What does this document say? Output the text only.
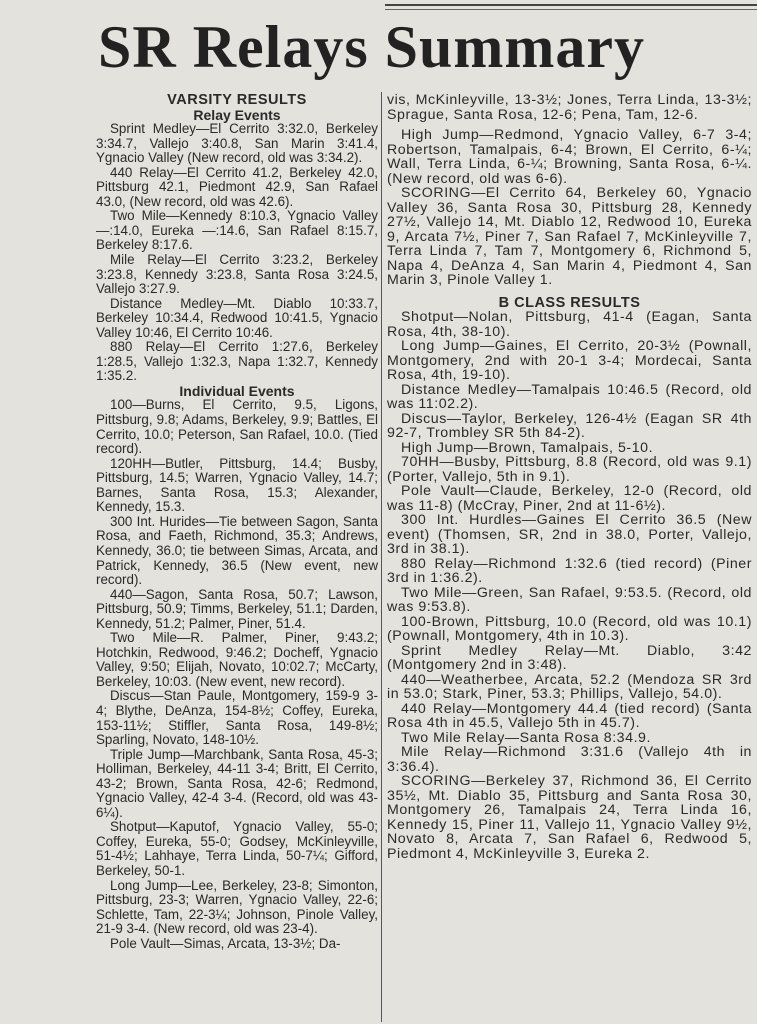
SR Relays Summary
VARSITY RESULTS
Relay Events

Sprint Medley—El Cerrito 3:32.0, Berkeley 3:34.7, Vallejo 3:40.8, San Marin 3:41.4, Ygnacio Valley (New record, old was 3:34.2).

440 Relay—El Cerrito 41.2, Berkeley 42.0, Pittsburg 42.1, Piedmont 42.9, San Rafael 43.0, (New record, old was 42.6).

Two Mile—Kennedy 8:10.3, Ygnacio Valley —:14.0, Eureka —:14.6, San Rafael 8:15.7, Berkeley 8:17.6.

Mile Relay—El Cerrito 3:23.2, Berkeley 3:23.8, Kennedy 3:23.8, Santa Rosa 3:24.5, Vallejo 3:27.9.

Distance Medley—Mt. Diablo 10:33.7, Berkeley 10:34.4, Redwood 10:41.5, Ygnacio Valley 10:46, El Cerrito 10:46.

880 Relay—El Cerrito 1:27.6, Berkeley 1:28.5, Vallejo 1:32.3, Napa 1:32.7, Kennedy 1:35.2.

Individual Events

100—Burns, El Cerrito, 9.5, Ligons, Pittsburg, 9.8; Adams, Berkeley, 9.9; Battles, El Cerrito, 10.0; Peterson, San Rafael, 10.0. (Tied record).

120HH—Butler, Pittsburg, 14.4; Busby, Pittsburg, 14.5; Warren, Ygnacio Valley, 14.7; Barnes, Santa Rosa, 15.3; Alexander, Kennedy, 15.3.

300 Int. Hurides—Tie between Sagon, Santa Rosa, and Faeth, Richmond, 35.3; Andrews, Kennedy, 36.0; tie between Simas, Arcata, and Patrick, Kennedy, 36.5 (New event, new record).

440—Sagon, Santa Rosa, 50.7; Lawson, Pittsburg, 50.9; Timms, Berkeley, 51.1; Darden, Kennedy, 51.2; Palmer, Piner, 51.4.

Two Mile—R. Palmer, Piner, 9:43.2; Hotchkin, Redwood, 9:46.2; Docheff, Ygnacio Valley, 9:50; Elijah, Novato, 10:02.7; McCarty, Berkeley, 10:03. (New event, new record).

Discus—Stan Paule, Montgomery, 159-9 3-4; Blythe, DeAnza, 154-8½; Coffey, Eureka, 153-11½; Stiffler, Santa Rosa, 149-8½; Sparling, Novato, 148-10½.

Triple Jump—Marchbank, Santa Rosa, 45-3; Holliman, Berkeley, 44-11 3-4; Britt, El Cerrito, 43-2; Brown, Santa Rosa, 42-6; Redmond, Ygnacio Valley, 42-4 3-4. (Record, old was 43-6¼).

Shotput—Kaputof, Ygnacio Valley, 55-0; Coffey, Eureka, 55-0; Godsey, McKinleyville, 51-4½; Lahhaye, Terra Linda, 50-7¼; Gifford, Berkeley, 50-1.

Long Jump—Lee, Berkeley, 23-8; Simonton, Pittsburg, 23-3; Warren, Ygnacio Valley, 22-6; Schlette, Tam, 22-3¼; Johnson, Pinole Valley, 21-9 3-4. (New record, old was 23-4).

Pole Vault—Simas, Arcata, 13-3½; Da-

vis, McKinleyville, 13-3½; Jones, Terra Linda, 13-3½; Sprague, Santa Rosa, 12-6; Pena, Tam, 12-6.

High Jump—Redmond, Ygnacio Valley, 6-7 3-4; Robertson, Tamalpais, 6-4; Brown, El Cerrito, 6-¼; Wall, Terra Linda, 6-¼; Browning, Santa Rosa, 6-¼. (New record, old was 6-6).

SCORING—El Cerrito 64, Berkeley 60, Ygnacio Valley 36, Santa Rosa 30, Pittsburg 28, Kennedy 27½, Vallejo 14, Mt. Diablo 12, Redwood 10, Eureka 9, Arcata 7½, Piner 7, San Rafael 7, McKinleyville 7, Terra Linda 7, Tam 7, Montgomery 6, Richmond 5, Napa 4, DeAnza 4, San Marin 4, Piedmont 4, San Marin 3, Pinole Valley 1.

B CLASS RESULTS

Shotput—Nolan, Pittsburg, 41-4 (Eagan, Santa Rosa, 4th, 38-10).

Long Jump—Gaines, El Cerrito, 20-3½ (Pownall, Montgomery, 2nd with 20-1 3-4; Mordecai, Santa Rosa, 4th, 19-10).

Distance Medley—Tamalpais 10:46.5 (Record, old was 11:02.2).

Discus—Taylor, Berkeley, 126-4½ (Eagan SR 4th 92-7, Trombley SR 5th 84-2).

High Jump—Brown, Tamalpais, 5-10.

70HH—Busby, Pittsburg, 8.8 (Record, old was 9.1) (Porter, Vallejo, 5th in 9.1).

Pole Vault—Claude, Berkeley, 12-0 (Record, old was 11-8) (McCray, Piner, 2nd at 11-6½).

300 Int. Hurdles—Gaines El Cerrito 36.5 (New event) (Thomsen, SR, 2nd in 38.0, Porter, Vallejo, 3rd in 38.1).

880 Relay—Richmond 1:32.6 (tied record) (Piner 3rd in 1:36.2).

Two Mile—Green, San Rafael, 9:53.5. (Record, old was 9:53.8).

100-Brown, Pittsburg, 10.0 (Record, old was 10.1) (Pownall, Montgomery, 4th in 10.3).

Sprint Medley Relay—Mt. Diablo, 3:42 (Montgomery 2nd in 3:48).

440—Weatherbee, Arcata, 52.2 (Mendoza SR 3rd in 53.0; Stark, Piner, 53.3; Phillips, Vallejo, 54.0).

440 Relay—Montgomery 44.4 (tied record) (Santa Rosa 4th in 45.5, Vallejo 5th in 45.7).

Two Mile Relay—Santa Rosa 8:34.9.

Mile Relay—Richmond 3:31.6 (Vallejo 4th in 3:36.4).

SCORING—Berkeley 37, Richmond 36, El Cerrito 35½, Mt. Diablo 35, Pittsburg and Santa Rosa 30, Montgomery 26, Tamalpais 24, Terra Linda 16, Kennedy 15, Piner 11, Vallejo 11, Ygnacio Valley 9½, Novato 8, Arcata 7, San Rafael 6, Redwood 5, Piedmont 4, McKinleyville 3, Eureka 2.
